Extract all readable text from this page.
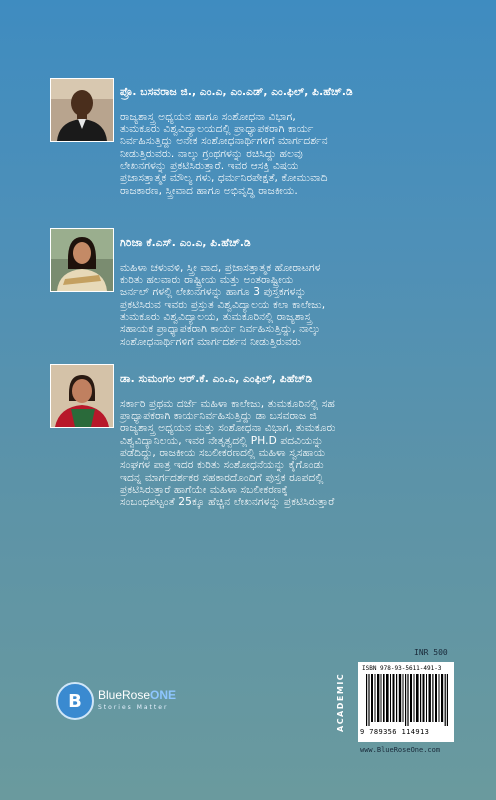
ಪ್ರೊ. ಬಸವರಾಜ ಜಿ., ಎಂ.ಎ, ಎಂ.ಎಡ್, ಎಂ.ಫಿಲ್, ಪಿ.ಹೆಚ್.ಡಿ

ರಾಜ್ಯಶಾಸ್ತ್ರ ಅಧ್ಯಯನ ಹಾಗೂ ಸಂಶೋಧನಾ ವಿಭಾಗ,
ತುಮಕೂರು ವಿಶ್ವವಿದ್ಯಾಲಯದಲ್ಲಿ ಪ್ರಾಧ್ಯಾಪಕರಾಗಿ ಕಾರ್ಯ
ನಿರ್ವಹಿಸುತ್ತಿದ್ದು ಅನೇಕ ಸಂಶೋಧನಾರ್ಥಿಗಳಿಗೆ ಮಾರ್ಗದರ್ಶನ
ನೀಡುತ್ತಿರುವರು. ನಾಲ್ಕು ಗ್ರಂಥಗಳನ್ನು ರಚಿಸಿದ್ದು ಹಲವು
ಲೇಖನಗಳನ್ನು ಪ್ರಕಟಿಸಿರುತ್ತಾರೆ. ಇವರ ಆಸಕ್ತಿ ವಿಷಯ
ಪ್ರಜಾಸತ್ತಾತ್ಮಕ ಮೌಲ್ಯ ಗಳು, ಧರ್ಮನಿರಪೇಕ್ಷತೆ, ಕೋಮುವಾದಿ
ರಾಜಕಾರಣ, ಸ್ತ್ರೀವಾದ ಹಾಗೂ ಅಭಿವೃದ್ಧಿ ರಾಜಕೀಯ.

ಗಿರಿಜಾ ಕೆ.ಎಸ್. ಎಂ.ಎ, ಪಿ.ಹೆಚ್.ಡಿ

ಮಹಿಳಾ ಚಳುವಳಿ, ಸ್ತ್ರೀ ವಾದ, ಪ್ರಜಾಸತ್ತಾತ್ಮಕ ಹೋರಾಟಗಳ
ಕುರಿತು ಹಲವಾರು ರಾಷ್ಟ್ರೀಯ ಮತ್ತು ಅಂತರಾಷ್ಟ್ರೀಯ
ಜರ್ನಲ್ ಗಳಲ್ಲಿ ಲೇಖನಗಳನ್ನು ಹಾಗೂ 3 ಪುಸ್ತಕಗಳನ್ನು
ಪ್ರಕಟಿಸಿರುವ ಇವರು ಪ್ರಸ್ತುತ ವಿಶ್ವವಿದ್ಯಾಲಯ ಕಲಾ ಕಾಲೇಜು,
ತುಮಕೂರು ವಿಶ್ವವಿದ್ಯಾಲಯ, ತುಮಕೂರಿನಲ್ಲಿ ರಾಜ್ಯಶಾಸ್ತ್ರ
ಸಹಾಯಕ ಪ್ರಾಧ್ಯಾಪಕರಾಗಿ ಕಾರ್ಯ ನಿರ್ವಹಿಸುತ್ತಿದ್ದು, ನಾಲ್ಕು
ಸಂಶೋಧನಾರ್ಥಿಗಳಿಗೆ ಮಾರ್ಗದರ್ಶನ ನೀಡುತ್ತಿರುವರು

ಡಾ. ಸುಮಂಗಲ ಆರ್.ಕೆ. ಎಂ.ಎ, ಎಂಫಿಲ್, ಪಿಹೆಚ್‌ಡಿ

ಸರ್ಕಾರಿ ಪ್ರಥಮ ದರ್ಜೆ ಮಹಿಳಾ ಕಾಲೇಜು, ತುಮಕೂರಿನಲ್ಲಿ ಸಹ
ಪ್ರಾಧ್ಯಾಪಕರಾಗಿ ಕಾರ್ಯನಿರ್ವಹಿಸುತ್ತಿದ್ದು ಡಾ ಬಸವರಾಜ ಜಿ
ರಾಜ್ಯಶಾಸ್ತ್ರ ಅಧ್ಯಯನ ಮತ್ತು ಸಂಶೋಧನಾ ವಿಭಾಗ, ತುಮಕೂರು
ವಿಶ್ವವಿದ್ಯಾನಿಲಯ, ಇವರ ನೇತೃತ್ವದಲ್ಲಿ PH.D ಪದವಿಯನ್ನು
ಪಡೆದಿದ್ದು, ರಾಜಕೀಯ ಸಬಲೀಕರಣದಲ್ಲಿ ಮಹಿಳಾ ಸ್ವಸಹಾಯ
ಸಂಘಗಳ ಪಾತ್ರ ಇದರ ಕುರಿತು ಸಂಶೋಧನೆಯನ್ನು ಕೈಗೊಂಡು
ಇದನ್ನ ಮಾರ್ಗದರ್ಶಕರ ಸಹಕಾರದೊಂದಿಗೆ ಪುಸ್ತಕ ರೂಪದಲ್ಲಿ
ಪ್ರಕಟಿಸಿರುತ್ತಾರೆ ಹಾಗೆಯೇ ಮಹಿಳಾ ಸಬಲೀಕರಣಕ್ಕೆ
ಸಂಬಂಧಪಟ್ಟಂತೆ 25ಕ್ಕೂ ಹೆಚ್ಚಿನ ಲೇಖನಗಳನ್ನು ಪ್ರಕಟಿಸಿರುತ್ತಾರೆ

INR 500
ACADEMIC
ISBN 978-93-5611-491-3
9 789356 114913
www.BlueRoseOne.com
B	BlueRoseONE
Stories Matter
